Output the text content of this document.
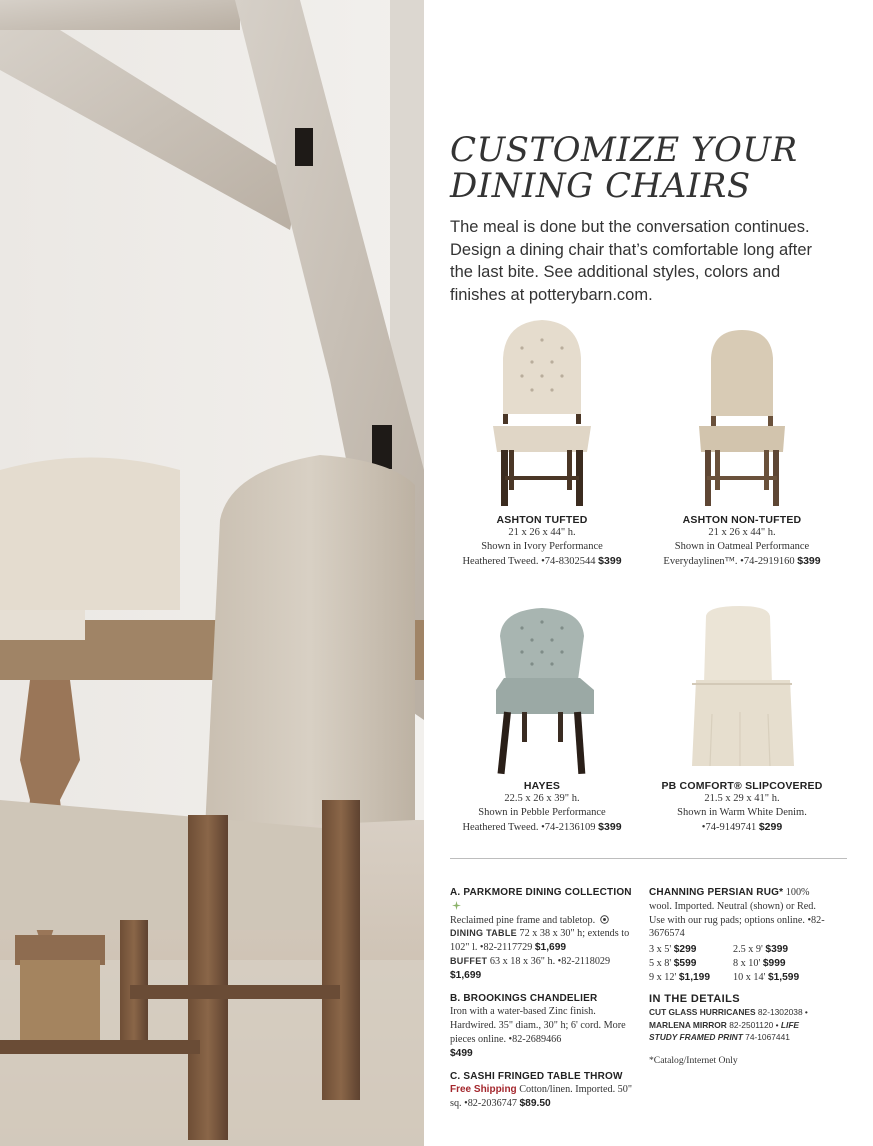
CUSTOMIZE YOUR
DINING CHAIRS

The meal is done but the conversation continues. Design a dining chair that’s comfortable long after the last bite. See additional styles, colors and finishes at potterybarn.com.

ASHTON TUFTED
21 x 26 x 44" h.
Shown in Ivory Performance
Heathered Tweed. •74-8302544 $399
ASHTON NON-TUFTED
21 x 26 x 44" h.
Shown in Oatmeal Performance
Everydaylinen™. •74-2919160 $399
HAYES
22.5 x 26 x 39" h.
Shown in Pebble Performance
Heathered Tweed. •74-2136109 $399
PB COMFORT® SLIPCOVERED
21.5 x 29 x 41" h.
Shown in Warm White Denim.
•74-9149741 $299
A. PARKMORE DINING COLLECTION
Reclaimed pine frame and tabletop.
DINING TABLE 72 x 38 x 30" h; extends to 102" l. •82-2117729 $1,699
BUFFET 63 x 18 x 36" h. •82-2118029
$1,699
B. BROOKINGS CHANDELIER
Iron with a water-based Zinc finish. Hardwired. 35" diam., 30" h; 6' cord. More pieces online. •82-2689466
$499
C. SASHI FRINGED TABLE THROW
Free Shipping Cotton/linen. Imported. 50" sq. •82-2036747 $89.50
CHANNING PERSIAN RUG* 100% wool. Imported. Neutral (shown) or Red. Use with our rug pads; options online. •82-3676574
3 x 5' $299	2.5 x 9' $399
5 x 8' $599	8 x 10' $999
9 x 12' $1,199	10 x 14' $1,599
IN THE DETAILS
CUT GLASS HURRICANES 82-1302038 •
MARLENA MIRROR 82-2501120 • LIFE
STUDY FRAMED PRINT 74-1067441
*Catalog/Internet Only
